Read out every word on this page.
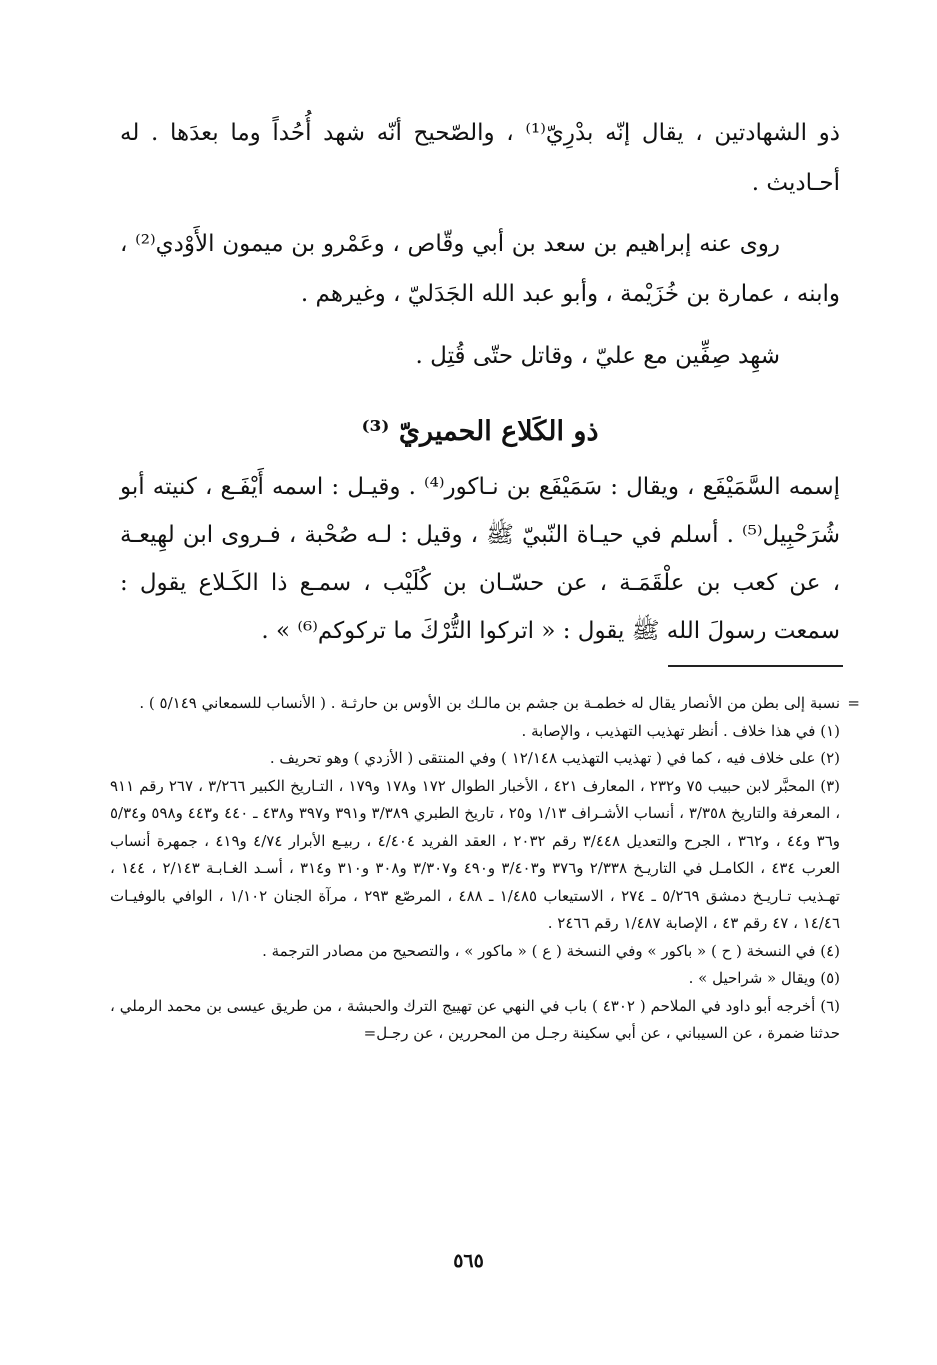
ذو الشهادتين ، يقال إنّه بدْرِيّ⁽¹⁾ ، والصّحيح أنّه شهد أُحُداً وما بعدَها . له أحـاديث .

روى عنه إبراهيم بن سعد بن أبي وقّاص ، وعَمْرو بن ميمون الأَوْدي⁽²⁾ ، وابنه ، عمارة بن خُزَيْمة ، وأبو عبد الله الجَدَليّ ، وغيرهم .

شهِد صِفِّين مع عليّ ، وقاتل حتّى قُتِل .

ذو الكَلاع الحميريّ ⁽³⁾

إسمه السَّمَيْفَع ، ويقال : سَمَيْفَع بن نـاكور⁽⁴⁾ . وقيـل : اسمه أَيْفَـع ، كنيته أبو شُرَحْبِيل⁽⁵⁾ . أسلم في حيـاة النّبيّ ﷺ ، وقيل : لـه صُحْبة ، فـروى ابن لهِيعـة ، عن كعب بن علْقَمَـة ، عن حسّـان بن كُلَيْب ، سمـع ذا الكَـلاع يقول : سمعت رسولَ الله ﷺ يقول : « اتركوا التُّرْكَ ما تركوكم⁽⁶⁾ » .

=
نسبة إلى بطن من الأنصار يقال له خطمـة بن جشم بن مالـك بن الأوس بن حارثـة . ( الأنساب للسمعاني ٥/١٤٩ ) .

(١) في هذا خلاف . أنظر تهذيب التهذيب ، والإصابة .

(٢) على خلاف فيه ، كما في ( تهذيب التهذيب ١٢/١٤٨ ) وفي المنتقى ( الأزدي ) وهو تحريف .

(٣) المحبَّر لابن حبيب ٧٥ و٢٣٢ ، المعارف ٤٢١ ، الأخبار الطوال ١٧٢ و١٧٨ و١٧٩ ، التـاريخ الكبير ٣/٢٦٦ ، ٢٦٧ رقم ٩١١ ، المعرفة والتاريخ ٣/٣٥٨ ، أنساب الأشـراف ١/١٣ و٢٥ ، تاريخ الطبري ٣/٣٨٩ و٣٩١ و٣٩٧ و٤٣٨ ـ ٤٤٠ و٤٤٣ و٥٩٨ و٥/٣٤ و٣٦ و٤٤ ، و٣٦٢ ، الجرح والتعديل ٣/٤٤٨ رقم ٢٠٣٢ ، العقد الفريد ٤/٤٠٤ ، ربيـع الأبرار ٤/٧٤ و٤١٩ ، جمهرة أنساب العرب ٤٣٤ ، الكامـل في التاريـخ ٢/٣٣٨ و٣٧٦ و٣/٤٠٣ و٤٩٠ و٣/٣٠٧ و٣٠٨ و٣١٠ و٣١٤ ، أسـد الغـابـة ٢/١٤٣ ، ١٤٤ ، تهـذيب تـاريـخ دمشق ٥/٢٦٩ ـ ٢٧٤ ، الاستيعاب ١/٤٨٥ ـ ٤٨٨ ، المرصّع ٢٩٣ ، مرآة الجنان ١/١٠٢ ، الوافي بالوفيـات ١٤/٤٦ ، ٤٧ رقم ٤٣ ، الإصابة ١/٤٨٧ رقم ٢٤٦٦ .

(٤) في النسخة ( ح ) « باكور » وفي النسخة ( ع ) « ماكور » ، والتصحيح من مصادر الترجمة .

(٥) ويقال « شراحيل » .

(٦) أخرجه أبو داود في الملاحم ( ٤٣٠٢ ) باب في النهي عن تهييج الترك والحبشة ، من طريق عيسى بن محمد الرملي ، حدثنا ضمرة ، عن السيباني ، عن أبي سكينة رجـل من المحررين ، عن رجـل=

٥٦٥
